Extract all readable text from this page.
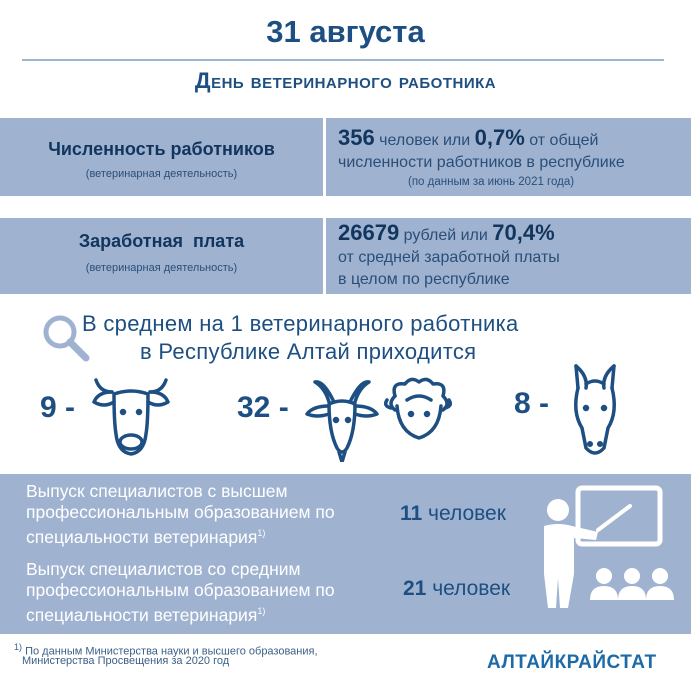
31 августа
День ветеринарного работника
Численность работников
(ветеринарная деятельность)
356 человек или 0,7% от общей
численности работников в республике
(по данным за июнь 2021 года)
Заработная  плата
(ветеринарная деятельность)
26679 рублей или 70,4%
от средней заработной платы
в целом по республике
В среднем на 1 ветеринарного работника
в Республике Алтай приходится
9 -	32 -	8 -
Выпуск специалистов с высшем профессиональным образованием по специальности ветеринария$^{1)}$
11 человек
Выпуск специалистов со средним профессиональным образованием по специальности ветеринария$^{1)}$
21 человек
$^{1)}$ По данным Министерства науки и высшего образования,
Министерства Просвещения за 2020 год	АЛТАЙКРАЙСТАТ
